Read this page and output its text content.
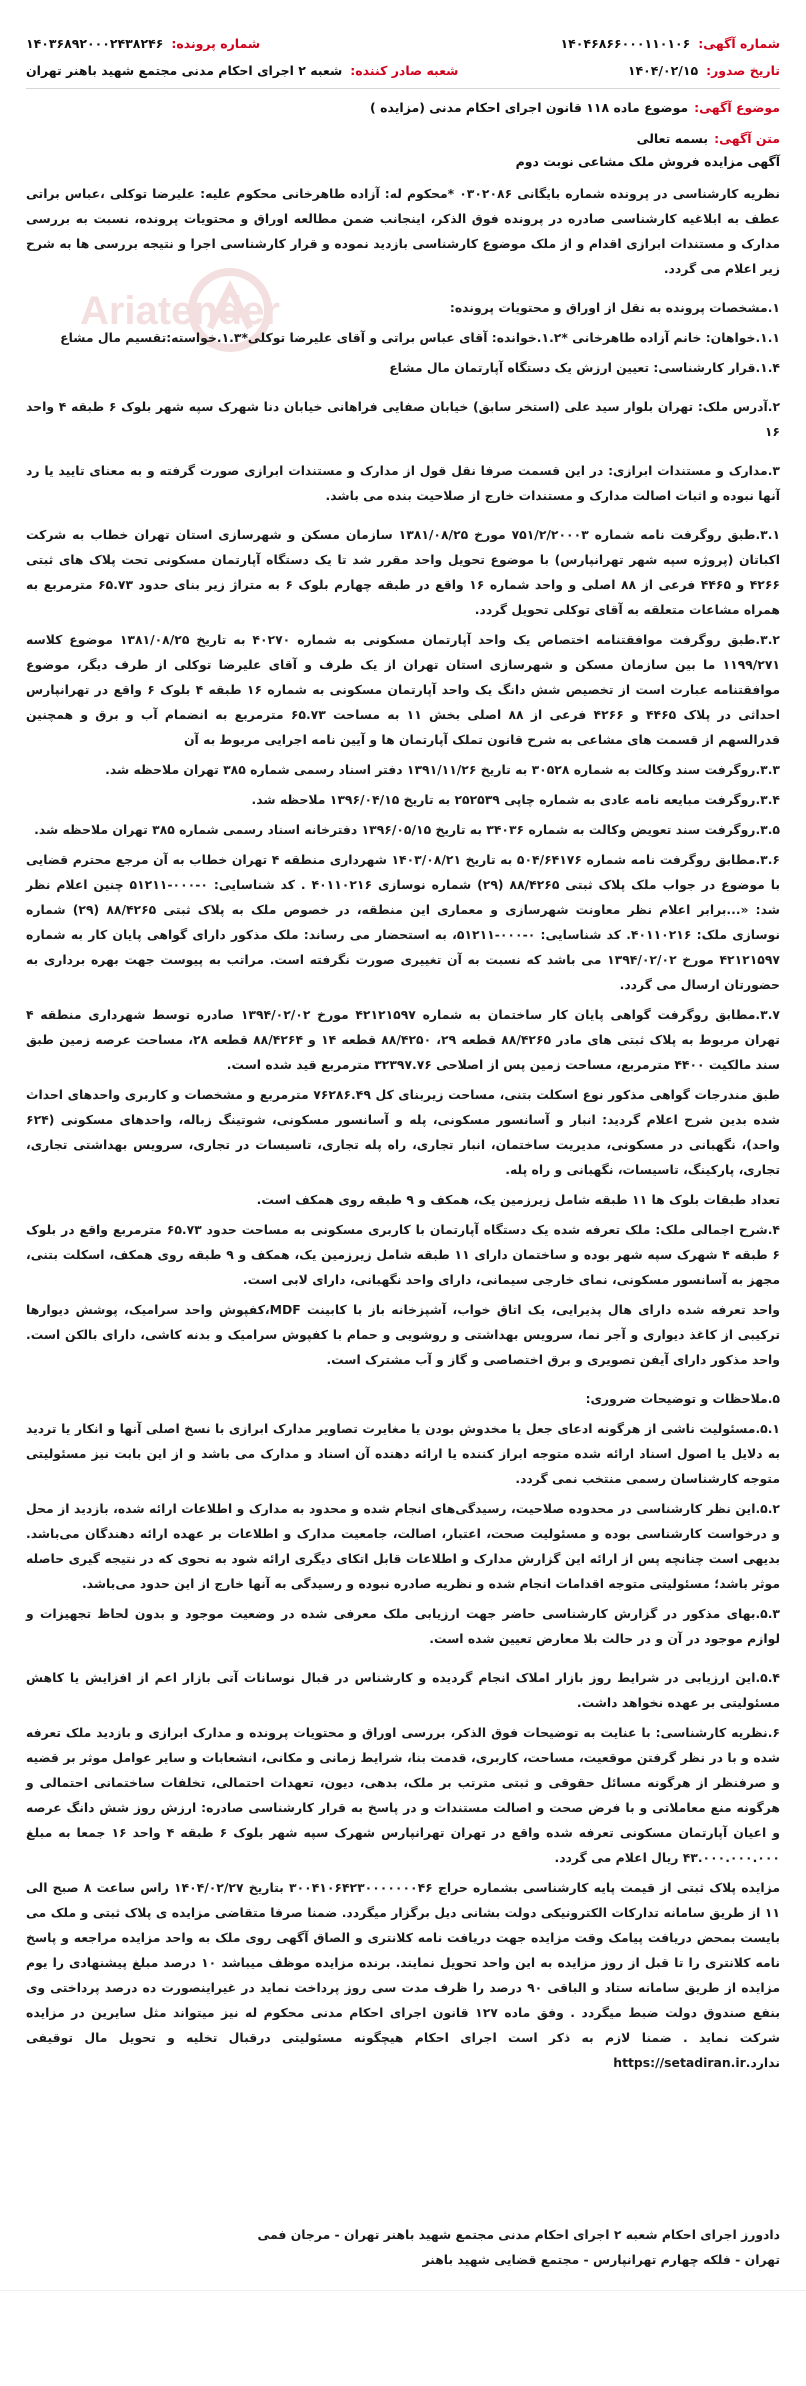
شماره آگهی:
۱۴۰۴۶۸۶۶۰۰۰۱۱۰۱۰۶
شماره پرونده:
۱۴۰۳۶۸۹۲۰۰۰۲۴۳۸۲۴۶
تاریخ صدور:
۱۴۰۴/۰۲/۱۵
شعبه صادر کننده:
شعبه ۲ اجرای احکام مدنی مجتمع شهید باهنر تهران
موضوع آگهی:
موضوع ماده ۱۱۸ قانون اجرای احکام مدنی (مزایده )
متن آگهی:
بسمه تعالی
آگهی مزایده فروش ملک مشاعی نوبت دوم
Ariatender

نظریه کارشناسی در پرونده شماره بایگانی ۰۳۰۲۰۸۶ *محکوم له: آزاده طاهرخانی محکوم علیه: علیرضا توکلی ،عباس براتی عطف به ابلاغیه کارشناسی صادره در پرونده فوق الذکر، اینجانب ضمن مطالعه اوراق و محتویات پرونده، نسبت به بررسی مدارک و مستندات ابرازی اقدام و از ملک موضوع کارشناسی بازدید نموده و قرار کارشناسی اجرا و نتیجه بررسی ها به شرح زیر اعلام می گردد.

۱.مشخصات پرونده به نقل از اوراق و محتویات پرونده:

۱.۱.خواهان: خانم آزاده طاهرخانی *۱.۲.خوانده: آقای عباس براتی و آقای علیرضا توکلی*۱.۳.خواسته:تقسیم مال مشاع

۱.۴.قرار کارشناسی: تعیین ارزش یک دستگاه آپارتمان مال مشاع

۲.آدرس ملک: تهران بلوار سید علی (استخر سابق) خیابان صفایی فراهانی خیابان دنا شهرک سپه شهر بلوک ۶ طبقه ۴ واحد ۱۶

۳.مدارک و مستندات ابرازی: در این قسمت صرفا نقل قول از مدارک و مستندات ابرازی صورت گرفته و به معنای تایید یا رد آنها نبوده و اثبات اصالت مدارک و مستندات خارج از صلاحیت بنده می باشد.

۳.۱.طبق روگرفت نامه شماره ۷۵۱/۲/۲۰۰۰۳ مورخ ۱۳۸۱/۰۸/۲۵ سازمان مسکن و شهرسازی استان تهران خطاب به شرکت اکباتان (پروژه سپه شهر تهرانپارس) با موضوع تحویل واحد مقرر شد تا یک دستگاه آپارتمان مسکونی تحت پلاک های ثبتی ۴۲۶۶ و ۴۴۶۵ فرعی از ۸۸ اصلی و واحد شماره ۱۶ واقع در طبقه چهارم بلوک ۶ به متراژ زیر بنای حدود ۶۵.۷۳ مترمربع به همراه مشاعات متعلقه به آقای توکلی تحویل گردد.

۳.۲.طبق روگرفت موافقتنامه اختصاص یک واحد آپارتمان مسکونی به شماره ۴۰۲۷۰ به تاریخ ۱۳۸۱/۰۸/۲۵ موضوع کلاسه ۱۱۹۹/۲۷۱ ما بین سازمان مسکن و شهرسازی استان تهران از یک طرف و آقای علیرضا توکلی از طرف دیگر، موضوع موافقتنامه عبارت است از تخصیص شش دانگ یک واحد آپارتمان مسکونی به شماره ۱۶ طبقه ۴ بلوک ۶ واقع در تهرانپارس احداثی در پلاک ۴۴۶۵ و ۴۲۶۶ فرعی از ۸۸ اصلی بخش ۱۱ به مساحت ۶۵.۷۳ مترمربع به انضمام آب و برق و همچنین قدرالسهم از قسمت های مشاعی به شرح قانون تملک آپارتمان ها و آیین نامه اجرایی مربوط به آن

۳.۳.روگرفت سند وکالت به شماره ۳۰۵۲۸ به تاریخ ۱۳۹۱/۱۱/۲۶ دفتر اسناد رسمی شماره ۳۸۵ تهران ملاحظه شد.

۳.۴.روگرفت مبایعه نامه عادی به شماره چاپی ۲۵۲۵۳۹ به تاریخ ۱۳۹۶/۰۴/۱۵ ملاحظه شد.

۳.۵.روگرفت سند تعویض وکالت به شماره ۳۴۰۳۶ به تاریخ ۱۳۹۶/۰۵/۱۵ دفترخانه اسناد رسمی شماره ۳۸۵ تهران ملاحظه شد.

۳.۶.مطابق روگرفت نامه شماره ۵۰۴/۶۴۱۷۶ به تاریخ ۱۴۰۳/۰۸/۲۱ شهرداری منطقه ۴ تهران خطاب به آن مرجع محترم قضایی با موضوع در جواب ملک پلاک ثبتی ۸۸/۴۲۶۵ (۲۹) شماره نوسازی ۴۰۱۱۰۲۱۶ . کد شناسایی: ۰-۰۰۰-۵۱۲۱۱ چنین اعلام نظر شد: «...برابر اعلام نظر معاونت شهرسازی و معماری این منطقه، در خصوص ملک به پلاک ثبتی ۸۸/۴۲۶۵ (۲۹) شماره نوسازی ملک: ۴۰۱۱۰۲۱۶. کد شناسایی: ۰-۰۰۰-۵۱۲۱۱، به استحضار می رساند: ملک مذکور دارای گواهی پایان کار به شماره ۴۲۱۲۱۵۹۷ مورخ ۱۳۹۴/۰۲/۰۲ می باشد که نسبت به آن تغییری صورت نگرفته است. مراتب به پیوست جهت بهره برداری به حضورتان ارسال می گردد.

۳.۷.مطابق روگرفت گواهی پایان کار ساختمان به شماره ۴۲۱۲۱۵۹۷ مورخ ۱۳۹۴/۰۲/۰۲ صادره توسط شهرداری منطقه ۴ تهران مربوط به پلاک ثبتی های مادر ۸۸/۴۲۶۵ قطعه ۲۹، ۸۸/۴۲۵۰ قطعه ۱۴ و ۸۸/۴۲۶۴ قطعه ۲۸، مساحت عرصه زمین طبق سند مالکیت ۴۴۰۰ مترمربع، مساحت زمین پس از اصلاحی ۳۲۳۹۷.۷۶ مترمربع قید شده است.

طبق مندرجات گواهی مذکور نوع اسکلت بتنی، مساحت زیربنای کل ۷۶۲۸۶.۴۹ مترمربع و مشخصات و کاربری واحدهای احداث شده بدین شرح اعلام گردید: انبار و آسانسور مسکونی، پله و آسانسور مسکونی، شوتینگ زباله، واحدهای مسکونی (۶۲۴ واحد)، نگهبانی در مسکونی، مدیریت ساختمان، انبار تجاری، راه پله تجاری، تاسیسات در تجاری، سرویس بهداشتی تجاری، تجاری، پارکینگ، تاسیسات، نگهبانی و راه پله.

تعداد طبقات بلوک ها ۱۱ طبقه شامل زیرزمین یک، همکف و ۹ طبقه روی همکف است.

۴.شرح اجمالی ملک: ملک تعرفه شده یک دستگاه آپارتمان با کاربری مسکونی به مساحت حدود ۶۵.۷۳ مترمربع واقع در بلوک ۶ طبقه ۴ شهرک سپه شهر بوده و ساختمان دارای ۱۱ طبقه شامل زیرزمین یک، همکف و ۹ طبقه روی همکف، اسکلت بتنی، مجهز به آسانسور مسکونی، نمای خارجی سیمانی، دارای واحد نگهبانی، دارای لابی است.

واحد تعرفه شده دارای هال پذیرایی، یک اتاق خواب، آشپزخانه باز با کابینت MDF،کفپوش واحد سرامیک، پوشش دیوارها ترکیبی از کاغذ دیواری و آجر نما، سرویس بهداشتی و روشویی و حمام با کفپوش سرامیک و بدنه کاشی، دارای بالکن است. واحد مذکور دارای آیفن تصویری و برق اختصاصی و گاز و آب مشترک است.

۵.ملاحظات و توضیحات ضروری:

۵.۱.مسئولیت ناشی از هرگونه ادعای جعل یا مخدوش بودن یا مغایرت تصاویر مدارک ابرازی با نسخ اصلی آنها و انکار یا تردید به دلایل یا اصول اسناد ارائه شده متوجه ابراز کننده یا ارائه دهنده آن اسناد و مدارک می باشد و از این بابت نیز مسئولیتی متوجه کارشناسان رسمی منتخب نمی گردد.

۵.۲.این نظر کارشناسی در محدوده صلاحیت، رسیدگی‌های انجام شده و محدود به مدارک و اطلاعات ارائه شده، بازدید از محل و درخواست کارشناسی بوده و مسئولیت صحت، اعتبار، اصالت، جامعیت مدارک و اطلاعات بر عهده ارائه دهندگان می‌باشد. بدیهی است چنانچه پس از ارائه این گزارش مدارک و اطلاعات قابل اتکای دیگری ارائه شود به نحوی که در نتیجه گیری حاصله موثر باشد؛ مسئولیتی متوجه اقدامات انجام شده و نظریه صادره نبوده و رسیدگی به آنها خارج از این حدود می‌باشد.

۵.۳.بهای مذکور در گزارش کارشناسی حاضر جهت ارزیابی ملک معرفی شده در وضعیت موجود و بدون لحاظ تجهیزات و لوازم موجود در آن و در حالت بلا معارض تعیین شده است.

۵.۴.این ارزیابی در شرایط روز بازار املاک انجام گردیده و کارشناس در قبال نوسانات آتی بازار اعم از افزایش یا کاهش مسئولیتی بر عهده نخواهد داشت.

۶.نظریه کارشناسی: با عنایت به توضیحات فوق الذکر، بررسی اوراق و محتویات پرونده و مدارک ابرازی و بازدید ملک تعرفه شده و با در نظر گرفتن موقعیت، مساحت، کاربری، قدمت بنا، شرایط زمانی و مکانی، انشعابات و سایر عوامل موثر بر قضیه و صرفنظر از هرگونه مسائل حقوقی و ثبتی مترتب بر ملک، بدهی، دیون، تعهدات احتمالی، تخلفات ساختمانی احتمالی و هرگونه منع معاملاتی و با فرض صحت و اصالت مستندات و در پاسخ به قرار کارشناسی صادره: ارزش روز شش دانگ عرصه و اعیان آپارتمان مسکونی تعرفه شده واقع در تهران تهرانپارس شهرک سپه شهر بلوک ۶ طبقه ۴ واحد ۱۶ جمعا به مبلغ ۴۳.۰۰۰.۰۰۰.۰۰۰ ریال اعلام می گردد.

مزایده پلاک ثبتی از قیمت پایه کارشناسی بشماره حراج ۳۰۰۴۱۰۶۴۲۳۰۰۰۰۰۰۰۴۶ بتاریخ ۱۴۰۴/۰۲/۲۷ راس ساعت ۸ صبح الی ۱۱ از طریق سامانه تدارکات الکترونیکی دولت بشانی دیل برگزار میگردد. ضمنا صرفا متقاضی مزایده ی پلاک ثبتی و ملک می بایست بمحض دریافت پیامک وقت مزایده جهت دریافت نامه کلانتری و الصاق آگهی روی ملک به واحد مزایده مراجعه و پاسخ نامه کلانتری را تا قبل از روز مزایده به این واحد تحویل نمایند. برنده مزایده موظف میباشد ۱۰ درصد مبلغ پیشنهادی را یوم مزایده از طریق سامانه ستاد و الباقی ۹۰ درصد را ظرف مدت سی روز پرداخت نماید در غیراینصورت ده درصد پرداختی وی بنفع صندوق دولت ضبط میگردد . وفق ماده ۱۲۷ قانون اجرای احکام مدنی محکوم له نیز میتواند مثل سایرین در مزایده شرکت نماید . ضمنا لازم به ذکر است اجرای احکام هیچگونه مسئولیتی درقبال تخلیه و تحویل مال توقیفی ندارد.https://setadiran.ir

دادورز اجرای احکام شعبه ۲ اجرای احکام مدنی مجتمع شهید باهنر تهران - مرجان فمی
تهران - فلکه چهارم تهرانپارس - مجتمع قضایی شهید باهنر
